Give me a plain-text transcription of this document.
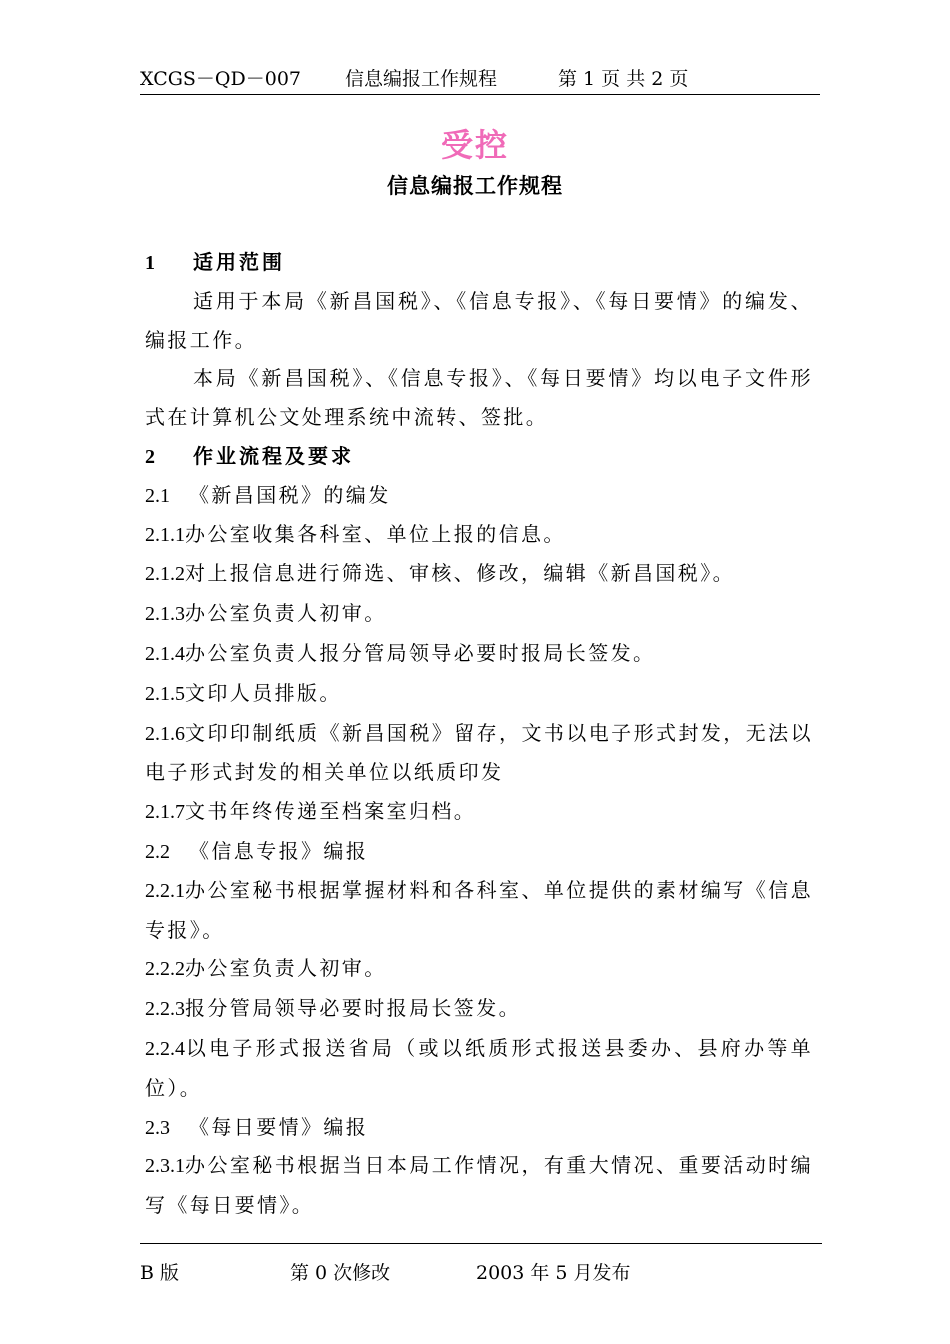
XCGS－QD－007 信息编报工作规程	第 1 页 共 2 页
受控
信息编报工作规程
1 适用范围
适用于本局《新昌国税》、《信息专报》、《每日要情》的编发、编报工作。
本局《新昌国税》、《信息专报》、《每日要情》均以电子文件形式在计算机公文处理系统中流转、签批。
2 作业流程及要求
2.1 《新昌国税》的编发
2.1.1办公室收集各科室、单位上报的信息。
2.1.2对上报信息进行筛选、审核、修改，编辑《新昌国税》。
2.1.3办公室负责人初审。
2.1.4办公室负责人报分管局领导必要时报局长签发。
2.1.5文印人员排版。
2.1.6文印印制纸质《新昌国税》留存，文书以电子形式封发，无法以电子形式封发的相关单位以纸质印发
2.1.7文书年终传递至档案室归档。
2.2 《信息专报》编报
2.2.1办公室秘书根据掌握材料和各科室、单位提供的素材编写《信息专报》。
2.2.2办公室负责人初审。
2.2.3报分管局领导必要时报局长签发。
2.2.4以电子形式报送省局（或以纸质形式报送县委办、县府办等单位）。
2.3 《每日要情》编报
2.3.1办公室秘书根据当日本局工作情况，有重大情况、重要活动时编写《每日要情》。
B 版	第 0 次修改	2003 年 5 月发布
